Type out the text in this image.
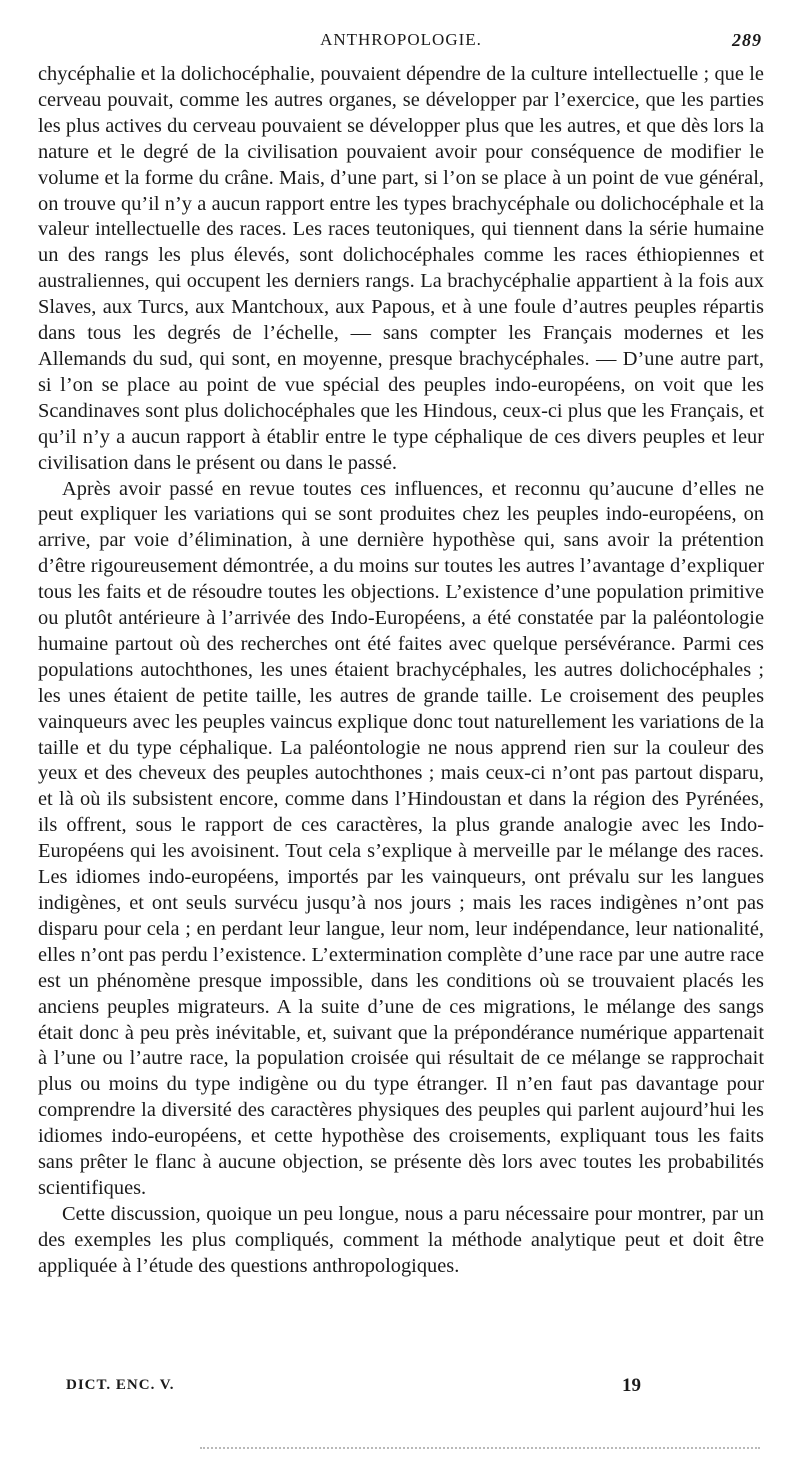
ANTHROPOLOGIE.	289

chycéphalie et la dolichocéphalie, pouvaient dépendre de la culture intellectuelle ; que le cerveau pouvait, comme les autres organes, se développer par l’exercice, que les parties les plus actives du cerveau pouvaient se développer plus que les autres, et que dès lors la nature et le degré de la civilisation pouvaient avoir pour conséquence de modifier le volume et la forme du crâne. Mais, d’une part, si l’on se place à un point de vue général, on trouve qu’il n’y a aucun rapport entre les types brachycéphale ou dolichocéphale et la valeur intellectuelle des races. Les races teutoniques, qui tiennent dans la série humaine un des rangs les plus élevés, sont dolichocéphales comme les races éthiopiennes et australiennes, qui occupent les derniers rangs. La brachycéphalie appartient à la fois aux Slaves, aux Turcs, aux Mantchoux, aux Papous, et à une foule d’autres peuples répartis dans tous les degrés de l’échelle, — sans compter les Français modernes et les Allemands du sud, qui sont, en moyenne, presque brachycéphales. — D’une autre part, si l’on se place au point de vue spécial des peuples indo-européens, on voit que les Scandinaves sont plus dolichocéphales que les Hindous, ceux-ci plus que les Français, et qu’il n’y a aucun rapport à établir entre le type céphalique de ces divers peuples et leur civilisation dans le présent ou dans le passé.

Après avoir passé en revue toutes ces influences, et reconnu qu’aucune d’elles ne peut expliquer les variations qui se sont produites chez les peuples indo-européens, on arrive, par voie d’élimination, à une dernière hypothèse qui, sans avoir la prétention d’être rigoureusement démontrée, a du moins sur toutes les autres l’avantage d’expliquer tous les faits et de résoudre toutes les objections. L’existence d’une population primitive ou plutôt antérieure à l’arrivée des Indo-Européens, a été constatée par la paléontologie humaine partout où des recherches ont été faites avec quelque persévérance. Parmi ces populations autochthones, les unes étaient brachycéphales, les autres dolichocéphales ; les unes étaient de petite taille, les autres de grande taille. Le croisement des peuples vainqueurs avec les peuples vaincus explique donc tout naturellement les variations de la taille et du type céphalique. La paléontologie ne nous apprend rien sur la couleur des yeux et des cheveux des peuples autochthones ; mais ceux-ci n’ont pas partout disparu, et là où ils subsistent encore, comme dans l’Hindoustan et dans la région des Pyrénées, ils offrent, sous le rapport de ces caractères, la plus grande analogie avec les Indo-Européens qui les avoisinent. Tout cela s’explique à merveille par le mélange des races. Les idiomes indo-européens, importés par les vainqueurs, ont prévalu sur les langues indigènes, et ont seuls survécu jusqu’à nos jours ; mais les races indigènes n’ont pas disparu pour cela ; en perdant leur langue, leur nom, leur indépendance, leur nationalité, elles n’ont pas perdu l’existence. L’extermination complète d’une race par une autre race est un phénomène presque impossible, dans les conditions où se trouvaient placés les anciens peuples migrateurs. A la suite d’une de ces migrations, le mélange des sangs était donc à peu près inévitable, et, suivant que la prépondérance numérique appartenait à l’une ou l’autre race, la population croisée qui résultait de ce mélange se rapprochait plus ou moins du type indigène ou du type étranger. Il n’en faut pas davantage pour comprendre la diversité des caractères physiques des peuples qui parlent aujourd’hui les idiomes indo-européens, et cette hypothèse des croisements, expliquant tous les faits sans prêter le flanc à aucune objection, se présente dès lors avec toutes les probabilités scientifiques.

Cette discussion, quoique un peu longue, nous a paru nécessaire pour montrer, par un des exemples les plus compliqués, comment la méthode analytique peut et doit être appliquée à l’étude des questions anthropologiques.

DICT. ENC. V.	19
